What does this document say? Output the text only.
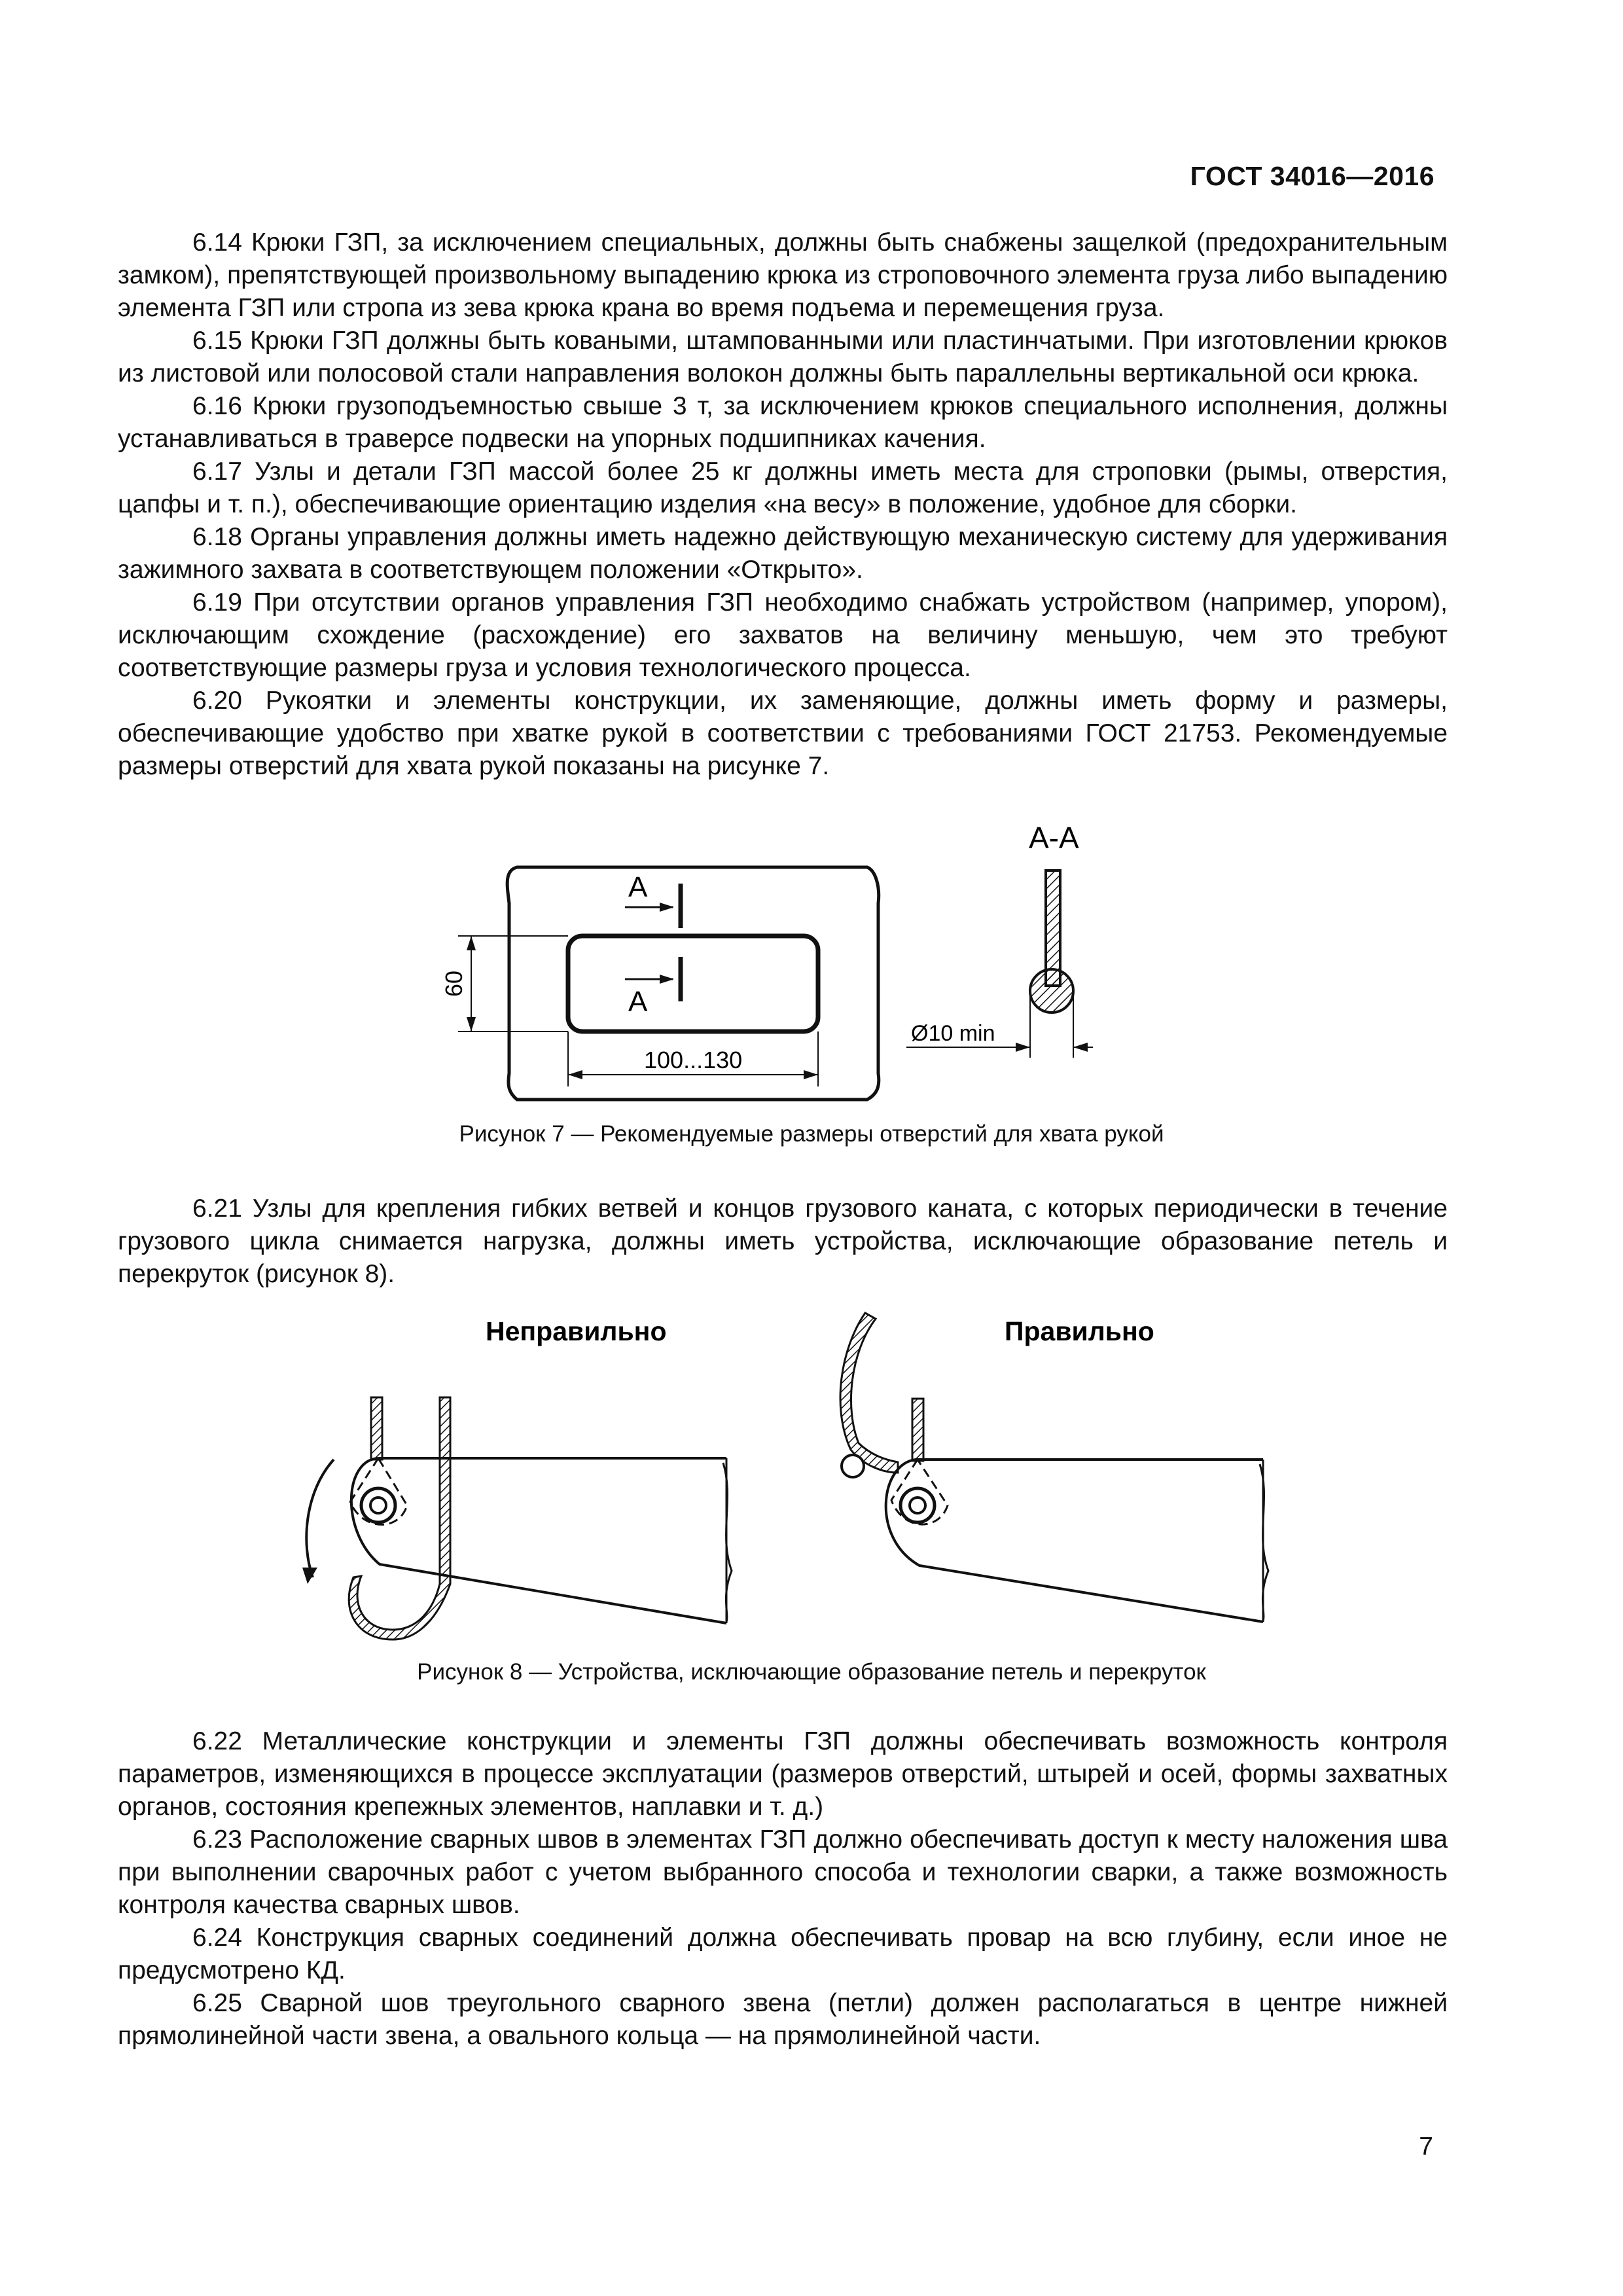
ГОСТ 34016—2016

6.14 Крюки ГЗП, за исключением специальных, должны быть снабжены защелкой (предохранительным замком), препятствующей произвольному выпадению крюка из строповочного элемента груза либо выпадению элемента ГЗП или стропа из зева крюка крана во время подъема и перемещения груза.

6.15 Крюки ГЗП должны быть коваными, штампованными или пластинчатыми. При изготовлении крюков из листовой или полосовой стали направления волокон должны быть параллельны вертикальной оси крюка.

6.16 Крюки грузоподъемностью свыше 3 т, за исключением крюков специального исполнения, должны устанавливаться в траверсе подвески на упорных подшипниках качения.

6.17 Узлы и детали ГЗП массой более 25 кг должны иметь места для строповки (рымы, отверстия, цапфы и т. п.), обеспечивающие ориентацию изделия «на весу» в положение, удобное для сборки.

6.18 Органы управления должны иметь надежно действующую механическую систему для удерживания зажимного захвата в соответствующем положении «Открыто».

6.19 При отсутствии органов управления ГЗП необходимо снабжать устройством (например, упором), исключающим схождение (расхождение) его захватов на величину меньшую, чем это требуют соответствующие размеры груза и условия технологического процесса.

6.20 Рукоятки и элементы конструкции, их заменяющие, должны иметь форму и размеры, обеспечивающие удобство при хватке рукой в соответствии с требованиями ГОСТ 21753. Рекомендуемые размеры отверстий для хвата рукой показаны на рисунке 7.

А
А
60
100...130
А-А
Ø10 min
Рисунок 7 — Рекомендуемые размеры отверстий для хвата рукой

6.21 Узлы для крепления гибких ветвей и концов грузового каната, с которых периодически в течение грузового цикла снимается нагрузка, должны иметь устройства, исключающие образование петель и перекруток (рисунок 8).

Неправильно	Правильно
Рисунок 8 — Устройства, исключающие образование петель и перекруток

6.22 Металлические конструкции и элементы ГЗП должны обеспечивать возможность контроля параметров, изменяющихся в процессе эксплуатации (размеров отверстий, штырей и осей, формы захватных органов, состояния крепежных элементов, наплавки и т. д.)

6.23 Расположение сварных швов в элементах ГЗП должно обеспечивать доступ к месту наложения шва при выполнении сварочных работ с учетом выбранного способа и технологии сварки, а также возможность контроля качества сварных швов.

6.24 Конструкция сварных соединений должна обеспечивать провар на всю глубину, если иное не предусмотрено КД.

6.25 Сварной шов треугольного сварного звена (петли) должен располагаться в центре нижней прямолинейной части звена, а овального кольца — на прямолинейной части.

7
